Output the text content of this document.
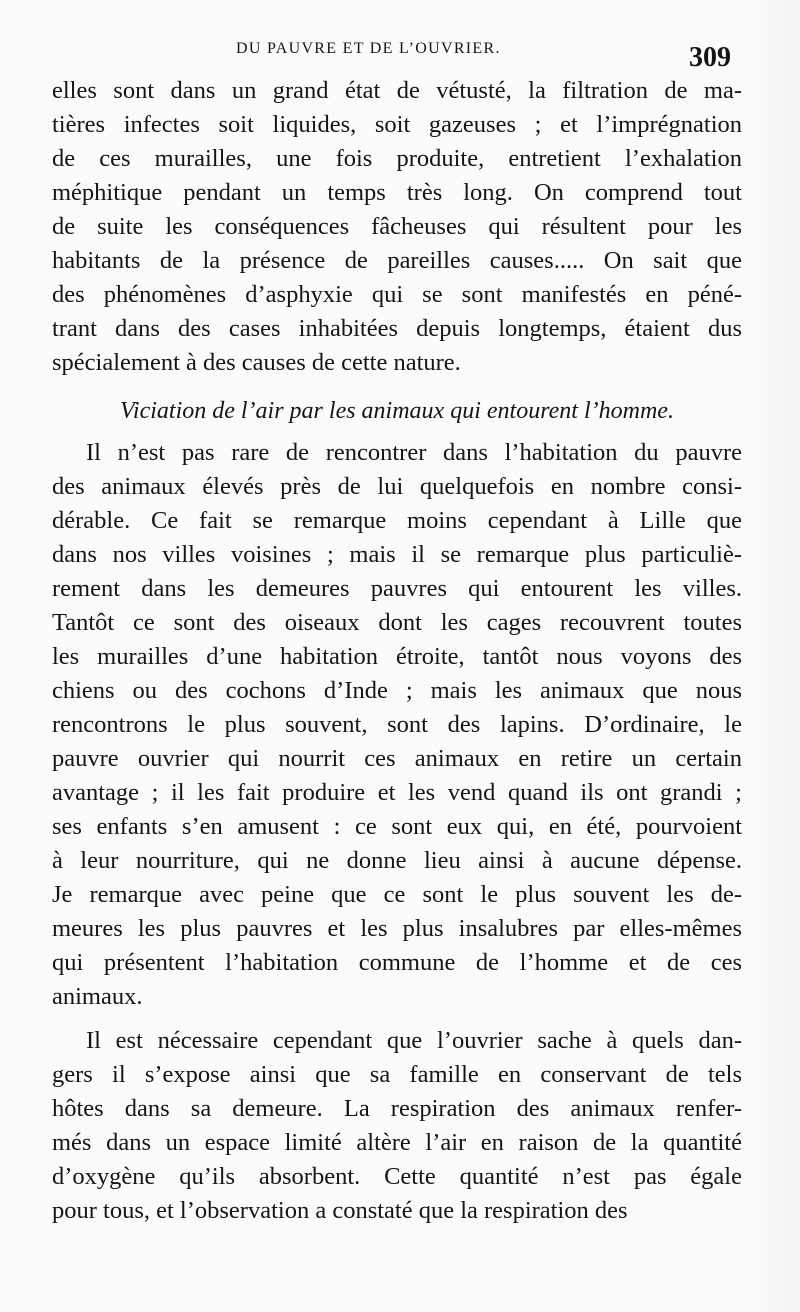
DU PAUVRE ET DE L’OUVRIER.	309
elles sont dans un grand état de vétusté, la filtration de ma-
tières infectes soit liquides, soit gazeuses ; et l’imprégnation
de ces murailles, une fois produite, entretient l’exhalation
méphitique pendant un temps très long. On comprend tout
de suite les conséquences fâcheuses qui résultent pour les
habitants de la présence de pareilles causes..... On sait que
des phénomènes d’asphyxie qui se sont manifestés en péné-
trant dans des cases inhabitées depuis longtemps, étaient dus
spécialement à des causes de cette nature.
Viciation de l’air par les animaux qui entourent l’homme.
Il n’est pas rare de rencontrer dans l’habitation du pauvre
des animaux élevés près de lui quelquefois en nombre consi-
dérable. Ce fait se remarque moins cependant à Lille que
dans nos villes voisines ; mais il se remarque plus particuliè-
rement dans les demeures pauvres qui entourent les villes.
Tantôt ce sont des oiseaux dont les cages recouvrent toutes
les murailles d’une habitation étroite, tantôt nous voyons des
chiens ou des cochons d’Inde ; mais les animaux que nous
rencontrons le plus souvent, sont des lapins. D’ordinaire, le
pauvre ouvrier qui nourrit ces animaux en retire un certain
avantage ; il les fait produire et les vend quand ils ont grandi ;
ses enfants s’en amusent : ce sont eux qui, en été, pourvoient
à leur nourriture, qui ne donne lieu ainsi à aucune dépense.
Je remarque avec peine que ce sont le plus souvent les de-
meures les plus pauvres et les plus insalubres par elles-mêmes
qui présentent l’habitation commune de l’homme et de ces
animaux.
Il est nécessaire cependant que l’ouvrier sache à quels dan-
gers il s’expose ainsi que sa famille en conservant de tels
hôtes dans sa demeure. La respiration des animaux renfer-
més dans un espace limité altère l’air en raison de la quantité
d’oxygène qu’ils absorbent. Cette quantité n’est pas égale
pour tous, et l’observation a constaté que la respiration des
